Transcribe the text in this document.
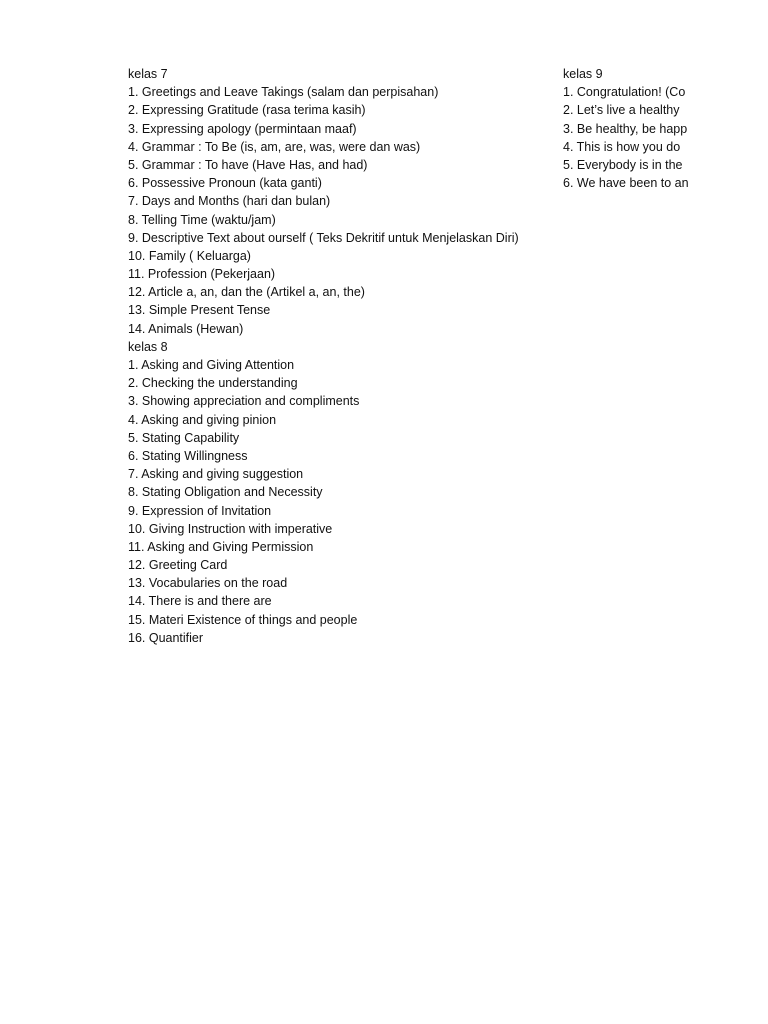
kelas 7
1. Greetings and Leave Takings (salam dan perpisahan)
2. Expressing Gratitude (rasa terima kasih)
3. Expressing apology (permintaan maaf)
4. Grammar : To Be (is, am, are, was, were dan was)
5. Grammar : To have (Have Has, and had)
6. Possessive Pronoun (kata ganti)
7. Days and Months (hari dan bulan)
8. Telling Time (waktu/jam)
9. Descriptive Text about ourself ( Teks Dekritif untuk Menjelaskan Diri)
10. Family ( Keluarga)
11. Profession (Pekerjaan)
12. Article a, an, dan the (Artikel a, an, the)
13. Simple Present Tense
14. Animals (Hewan)
kelas 8
1. Asking and Giving Attention
2. Checking the understanding
3. Showing appreciation and compliments
4. Asking and giving pinion
5. Stating Capability
6. Stating Willingness
7. Asking and giving suggestion
8. Stating Obligation and Necessity
9. Expression of Invitation
10. Giving Instruction with imperative
11. Asking and Giving Permission
12. Greeting Card
13. Vocabularies on the road
14. There is and there are
15. Materi Existence of things and people
16. Quantifier
kelas 9
1. Congratulation! (Co
2. Let’s live a healthy
3. Be healthy, be happ
4. This is how you do
5. Everybody is in the
6. We have been to an
